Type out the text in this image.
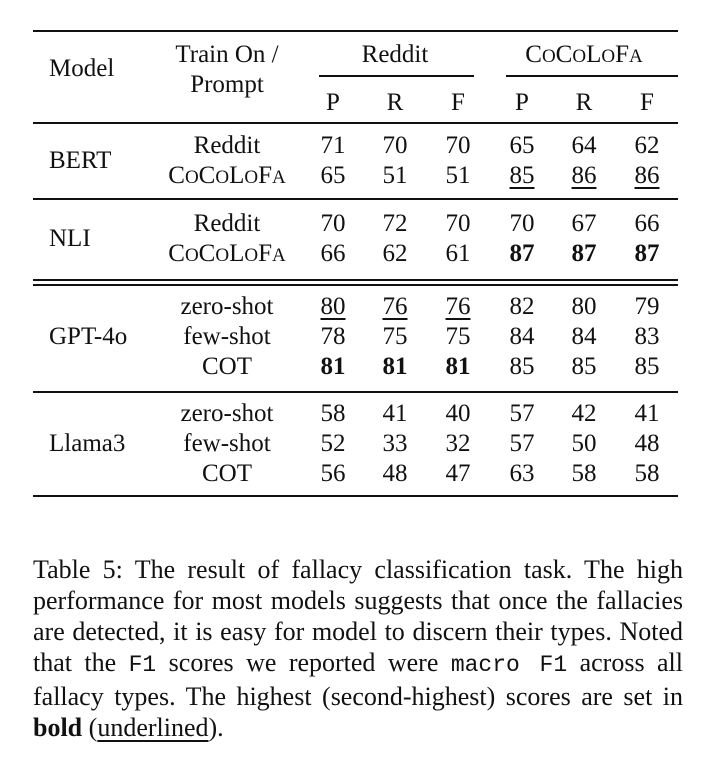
Model
Train On /
Prompt
Reddit	COCOLOFA
P R F P R F
BERT
Reddit 71 70 70 65 64 62
COCOLOFA 65 51 51 85 86 86
NLI
Reddit 70 72 70 70 67 66
COCOLOFA 66 62 61 87 87 87
GPT-4o
zero-shot 80 76 76 82 80 79
few-shot 78 75 75 84 84 83
COT	81 81 81 85 85 85
Llama3
zero-shot 58 41 40 57 42 41
few-shot 52 33 32 57 50 48
COT	56 48 47 63 58 58

Table 5: The result of fallacy classification task. The high performance for most models suggests that once the fallacies are detected, it is easy for model to discern their types. Noted that the F1 scores we reported were macro F1 across all fallacy types. The highest (second-highest) scores are set in bold (underlined).
